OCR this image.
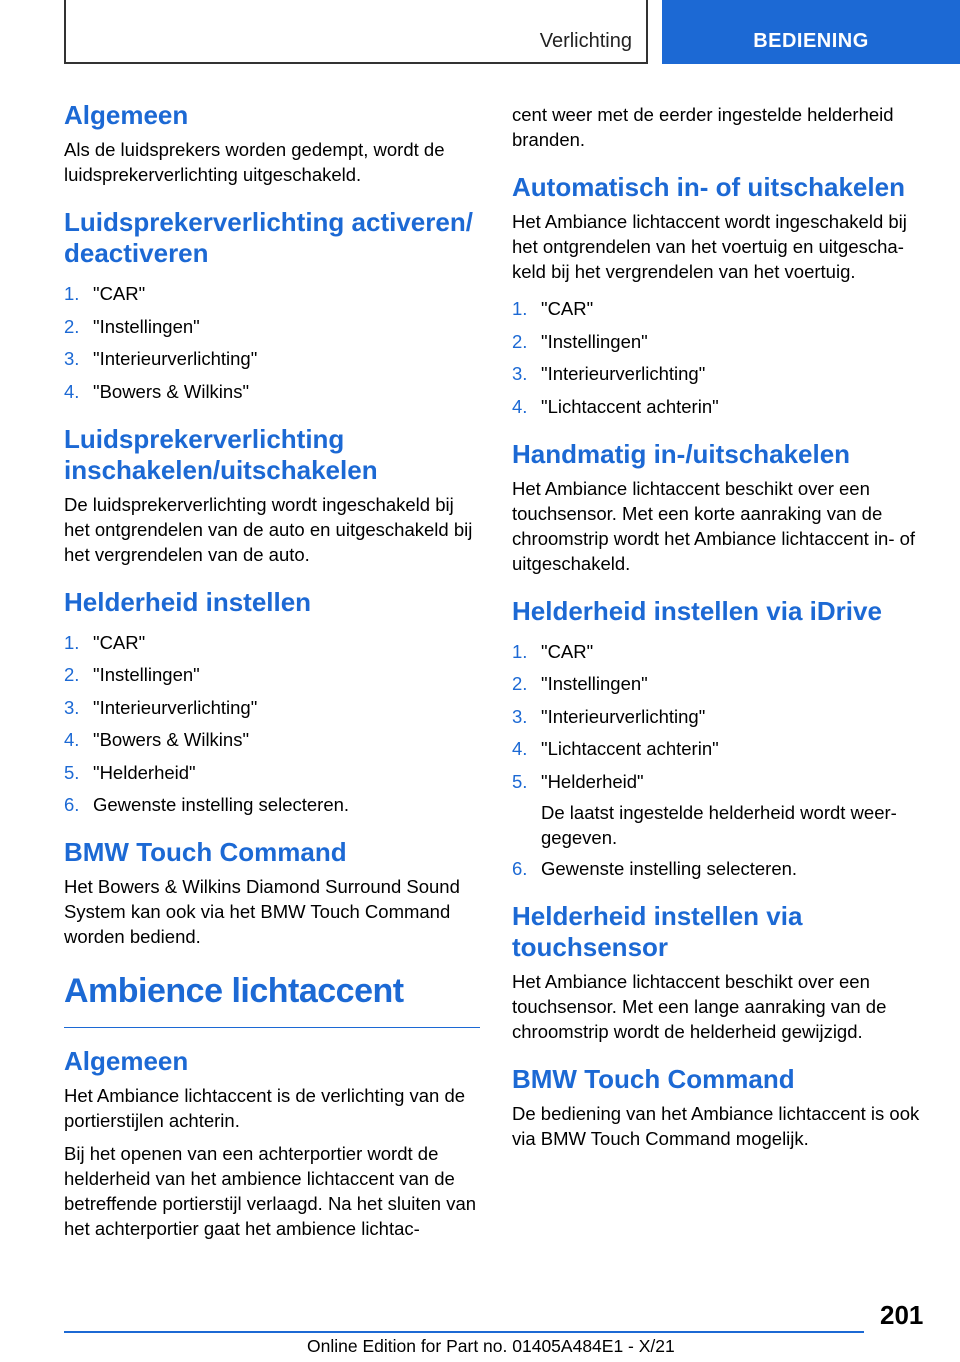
Verlichting	BEDIENING
Algemeen

Als de luidsprekers worden gedempt, wordt de luidsprekerverlichting uitgeschakeld.

Luidsprekerverlichting activeren/ deactiveren
1. "CAR"
2. "Instellingen"
3. "Interieurverlichting"
4. "Bowers & Wilkins"
Luidsprekerverlichting inschakelen/uitschakelen

De luidsprekerverlichting wordt ingeschakeld bij het ontgrendelen van de auto en uitgeschakeld bij het vergrendelen van de auto.

Helderheid instellen
1. "CAR"
2. "Instellingen"
3. "Interieurverlichting"
4. "Bowers & Wilkins"
5. "Helderheid"
6. Gewenste instelling selecteren.
BMW Touch Command

Het Bowers & Wilkins Diamond Surround Sound System kan ook via het BMW Touch Command worden bediend.

Ambience lichtaccent
Algemeen

Het Ambiance lichtaccent is de verlichting van de portierstijlen achterin.

Bij het openen van een achterportier wordt de helderheid van het ambience lichtaccent van de betreffende portierstijl verlaagd. Na het sluiten van het achterportier gaat het ambience lichtac-

cent weer met de eerder ingestelde helderheid branden.

Automatisch in- of uitschakelen

Het Ambiance lichtaccent wordt ingeschakeld bij het ontgrendelen van het voertuig en uitgescha- keld bij het vergrendelen van het voertuig.

1. "CAR"
2. "Instellingen"
3. "Interieurverlichting"
4. "Lichtaccent achterin"
Handmatig in-/uitschakelen

Het Ambiance lichtaccent beschikt over een touchsensor. Met een korte aanraking van de chroomstrip wordt het Ambiance lichtaccent in- of uitgeschakeld.

Helderheid instellen via iDrive
1. "CAR"
2. "Instellingen"
3. "Interieurverlichting"
4. "Lichtaccent achterin"
5. "Helderheid"
De laatst ingestelde helderheid wordt weer- gegeven.
6. Gewenste instelling selecteren.
Helderheid instellen via touchsensor

Het Ambiance lichtaccent beschikt over een touchsensor. Met een lange aanraking van de chroomstrip wordt de helderheid gewijzigd.

BMW Touch Command

De bediening van het Ambiance lichtaccent is ook via BMW Touch Command mogelijk.

201
Online Edition for Part no. 01405A484E1 - X/21
